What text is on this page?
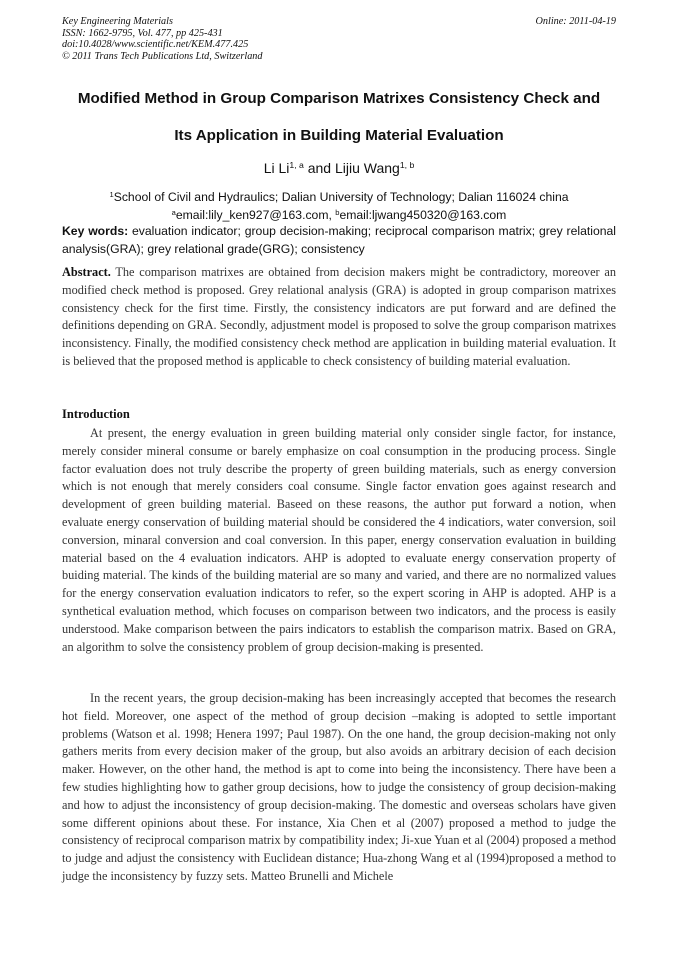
Key Engineering Materials
ISSN: 1662-9795, Vol. 477, pp 425-431
doi:10.4028/www.scientific.net/KEM.477.425
© 2011 Trans Tech Publications Ltd, Switzerland
Online: 2011-04-19
Modified Method in Group Comparison Matrixes Consistency Check and
Its Application in Building Material Evaluation
Li Li$^{1, a}$ and Lijiu Wang$^{1, b}$
$^1$School of Civil and Hydraulics; Dalian University of Technology; Dalian 116024 china
$^a$email:lily_ken927@163.com, $^b$email:ljwang450320@163.com
Key words: evaluation indicator; group decision-making; reciprocal comparison matrix; grey relational analysis(GRA); grey relational grade(GRG); consistency
Abstract. The comparison matrixes are obtained from decision makers might be contradictory, moreover an modified check method is proposed. Grey relational analysis (GRA) is adopted in group comparison matrixes consistency check for the first time. Firstly, the consistency indicators are put forward and are defined the definitions depending on GRA. Secondly, adjustment model is proposed to solve the group comparison matrixes inconsistency. Finally, the modified consistency check method are application in building material evaluation. It is believed that the proposed method is applicable to check consistency of building material evaluation.
Introduction
At present, the energy evaluation in green building material only consider single factor, for instance, merely consider mineral consume or barely emphasize on coal consumption in the producing process. Single factor evaluation does not truly describe the property of green building materials, such as energy conversion which is not enough that merely considers coal consume. Single factor envation goes against research and development of green building material. Baseed on these reasons, the author put forward a notion, when evaluate energy conservation of building material should be considered the 4 indicatiors, water conversion, soil conversion, minaral conversion and coal conversion. In this paper, energy conservation evaluation in building material based on the 4 evaluation indicators. AHP is adopted to evaluate energy conservation property of buiding material. The kinds of the building material are so many and varied, and there are no normalized values for the energy conservation evaluation indicators to refer, so the expert scoring in AHP is adopted. AHP is a synthetical evaluation method, which focuses on comparison between two indicators, and the process is easily understood. Make comparison between the pairs indicators to establish the comparison matrix. Based on GRA, an algorithm to solve the consistency problem of group decision-making is presented.
In the recent years, the group decision-making has been increasingly accepted that becomes the research hot field. Moreover, one aspect of the method of group decision –making is adopted to settle important problems (Watson et al. 1998; Henera 1997; Paul 1987). On the one hand, the group decision-making not only gathers merits from every decision maker of the group, but also avoids an arbitrary decision of each decision maker. However, on the other hand, the method is apt to come into being the inconsistency. There have been a few studies highlighting how to gather group decisions, how to judge the consistency of group decision-making and how to adjust the inconsistency of group decision-making. The domestic and overseas scholars have given some different opinions about these. For instance, Xia Chen et al (2007) proposed a method to judge the consistency of reciprocal comparison matrix by compatibility index; Ji-xue Yuan et al (2004) proposed a method to judge and adjust the consistency with Euclidean distance; Hua-zhong Wang et al (1994)proposed a method to judge the inconsistency by fuzzy sets. Matteo Brunelli and Michele
